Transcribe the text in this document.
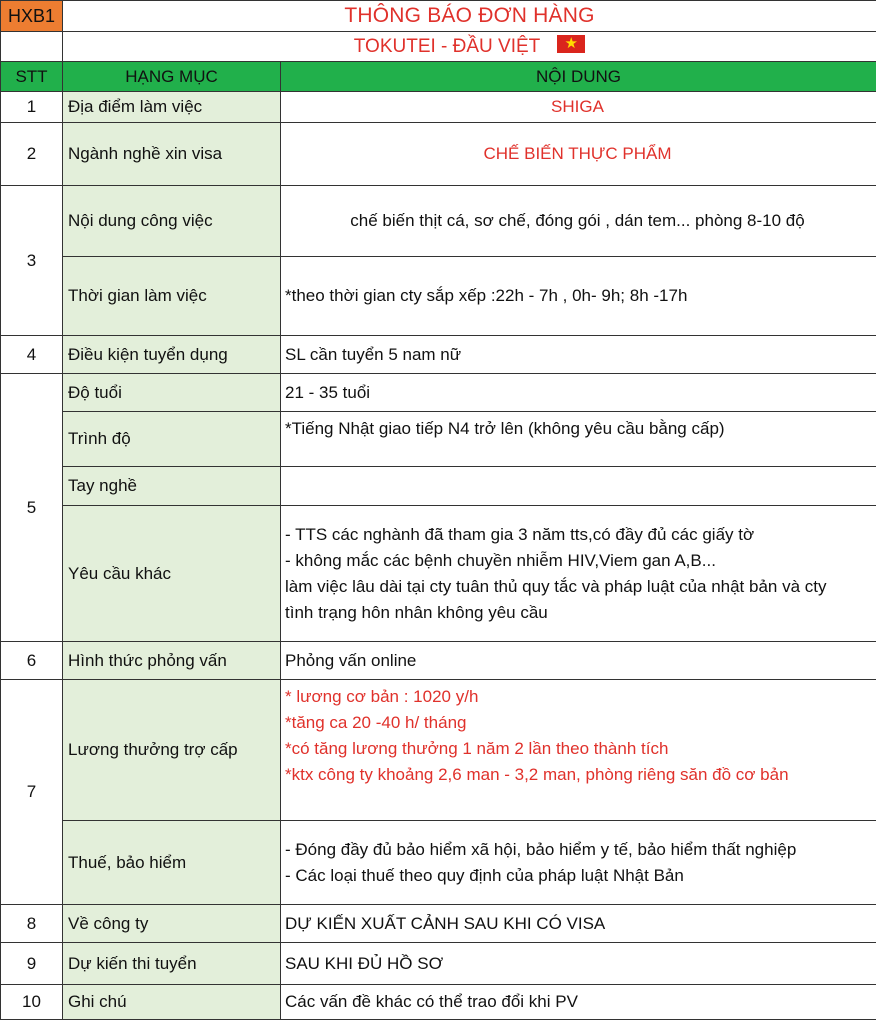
HXB1	THÔNG BÁO ĐƠN HÀNG	
	TOKUTEI - ĐẦU VIỆT ★	

STT	HẠNG MỤC	NỘI DUNG
1	Địa điểm làm việc	SHIGA
2	Ngành nghề xin visa	CHẾ BIẾN THỰC PHẨM
3	Nội dung công việc	chế biến thịt cá, sơ chế, đóng gói , dán tem... phòng 8-10 độ
	Thời gian làm việc	*theo thời gian cty sắp xếp :22h - 7h , 0h- 9h; 8h -17h
4	Điều kiện tuyển dụng	SL cần tuyển 5 nam nữ
5	Độ tuổi	21 - 35 tuổi
	Trình độ	*Tiếng Nhật giao tiếp N4 trở lên (không yêu cầu bằng cấp)
	Tay nghề	
	Yêu cầu khác	- TTS các nghành đã tham gia 3 năm tts,có đầy đủ các giấy tờ
- không mắc các bệnh chuyền nhiễm HIV,Viem gan A,B...
làm việc lâu dài tại cty tuân thủ quy tắc và pháp luật của nhật bản và cty
tình trạng hôn nhân không yêu cầu

6	Hình thức phỏng vấn	Phỏng vấn online
7	Lương thưởng trợ cấp	* lương cơ bản : 1020 y/h
*tăng ca 20 -40 h/ tháng
*có tăng lương thưởng 1 năm 2 lần theo thành tích
*ktx công ty khoảng 2,6 man - 3,2 man, phòng riêng săn đồ cơ bản

	Thuế, bảo hiểm	- Đóng đầy đủ bảo hiểm xã hội, bảo hiểm y tế, bảo hiểm thất nghiệp
- Các loại thuế theo quy định của pháp luật Nhật Bản

8	Về công ty	DỰ KIẾN XUẤT CẢNH SAU KHI CÓ VISA
9	Dự kiến thi tuyển	SAU KHI ĐỦ HỒ SƠ
10	Ghi chú	Các vấn đề khác có thể trao đổi khi PV
